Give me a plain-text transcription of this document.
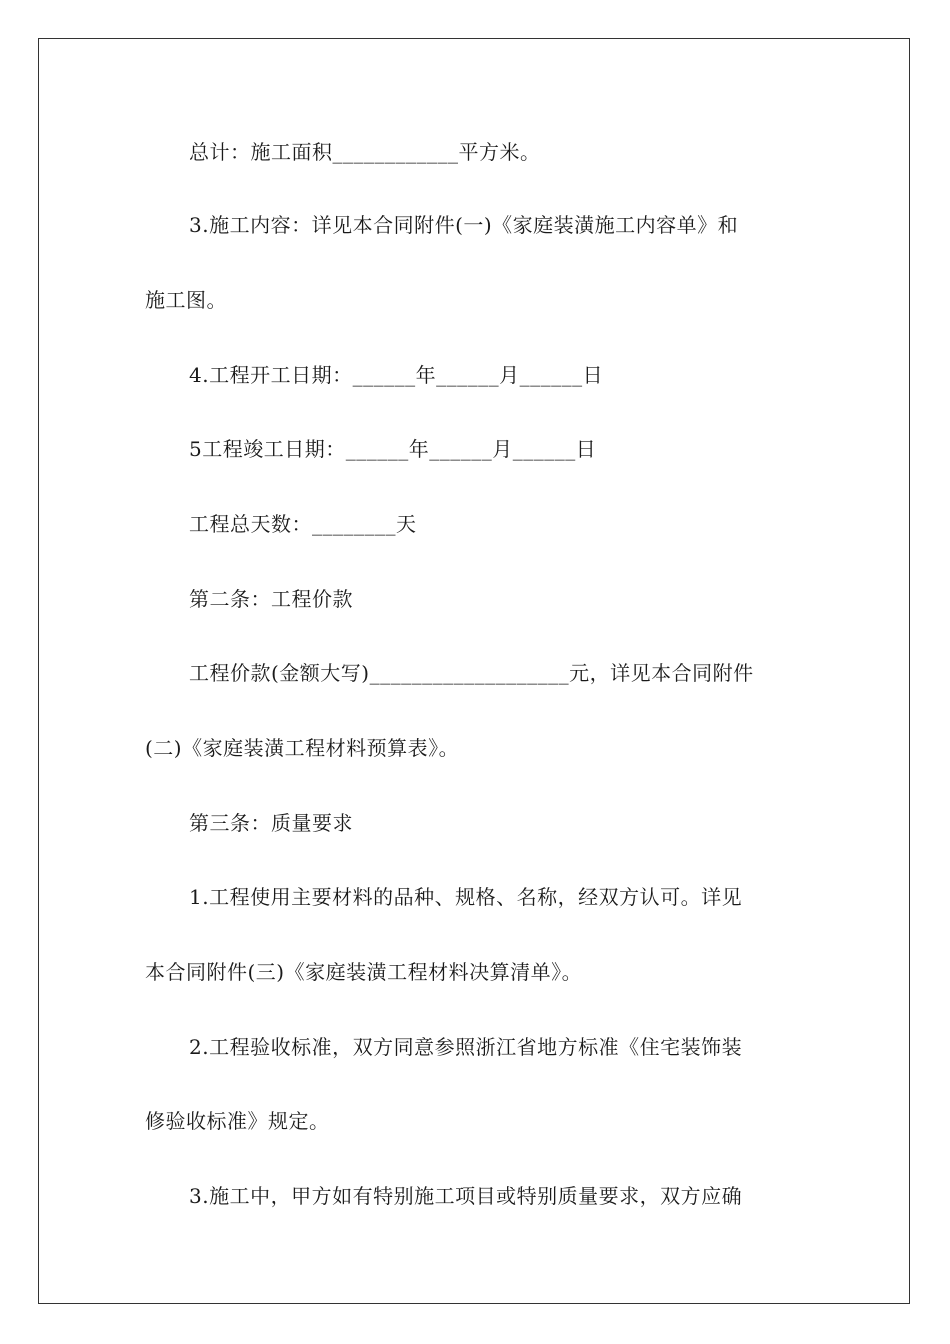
总计：施工面积____________平方米。
3.施工内容：详见本合同附件(一)《家庭装潢施工内容单》和
施工图。
4.工程开工日期：______年______月______日
5工程竣工日期：______年______月______日
工程总天数：________天
第二条：工程价款
工程价款(金额大写)___________________元，详见本合同附件
(二)《家庭装潢工程材料预算表》。
第三条：质量要求
1.工程使用主要材料的品种、规格、名称，经双方认可。详见
本合同附件(三)《家庭装潢工程材料决算清单》。
2.工程验收标准，双方同意参照浙江省地方标准《住宅装饰装
修验收标准》规定。
3.施工中，甲方如有特别施工项目或特别质量要求，双方应确
